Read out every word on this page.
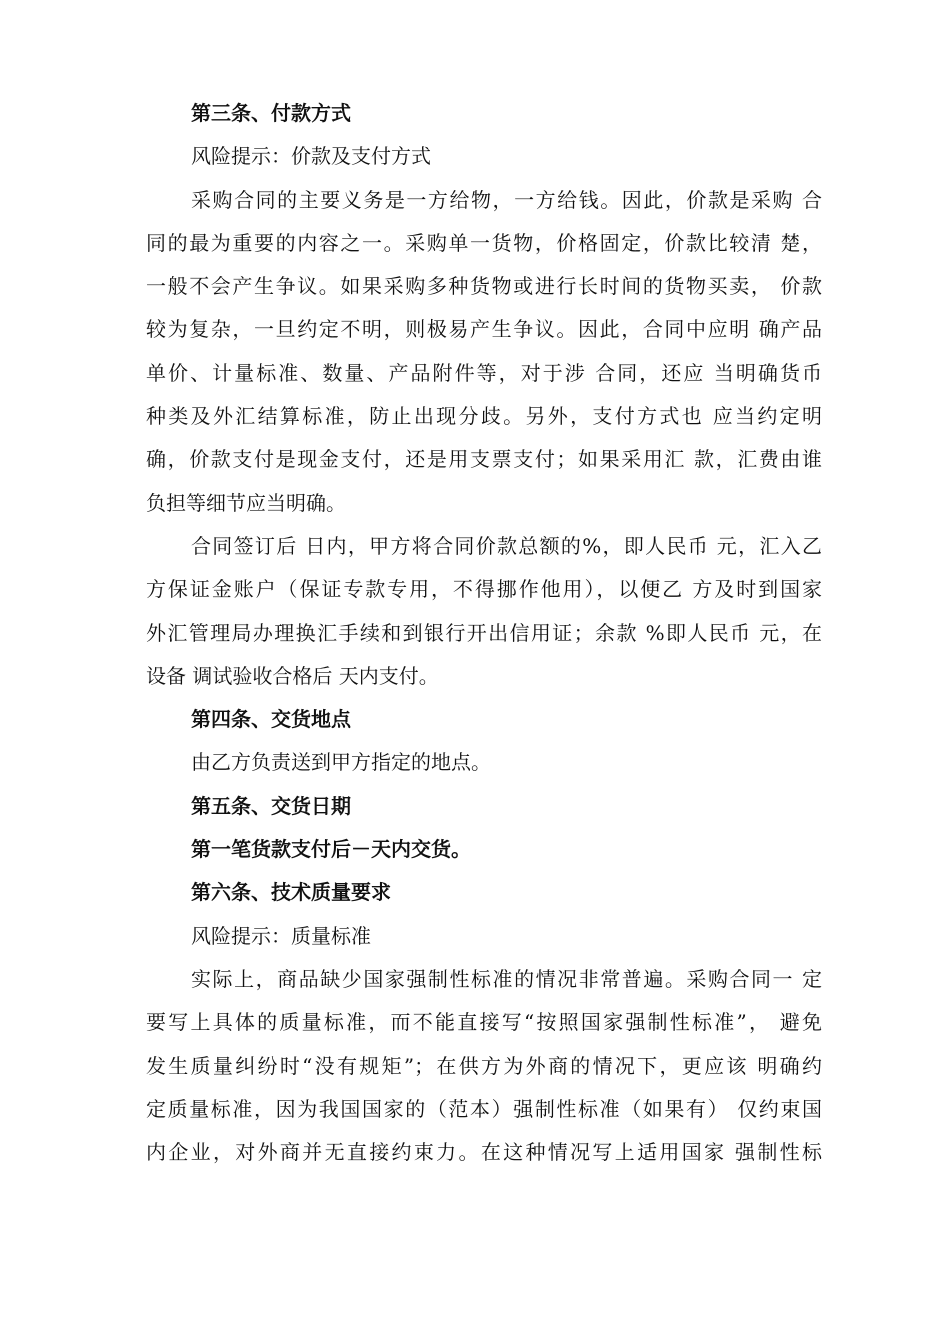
第三条、付款方式
风险提示：价款及支付方式
采购合同的主要义务是一方给物，一方给钱。因此，价款是采购 合
同的最为重要的内容之一。采购单一货物，价格固定，价款比较清 楚，
一般不会产生争议。如果采购多种货物或进行长时间的货物买卖， 价款
较为复杂，一旦约定不明，则极易产生争议。因此，合同中应明 确产品
单价、计量标准、数量、产品附件等，对于涉 合同，还应 当明确货币
种类及外汇结算标准，防止出现分歧。另外，支付方式也 应当约定明
确，价款支付是现金支付，还是用支票支付；如果采用汇 款，汇费由谁
负担等细节应当明确。
合同签订后 日内，甲方将合同价款总额的%，即人民币 元，汇入乙
方保证金账户（保证专款专用，不得挪作他用），以便乙 方及时到国家
外汇管理局办理换汇手续和到银行开出信用证；余款 %即人民币 元，在
设备 调试验收合格后 天内支付。
第四条、交货地点
由乙方负责送到甲方指定的地点。
第五条、交货日期
第一笔货款支付后－天内交货。
第六条、技术质量要求
风险提示：质量标准
实际上，商品缺少国家强制性标准的情况非常普遍。采购合同一 定
要写上具体的质量标准，而不能直接写“按照国家强制性标准”， 避免
发生质量纠纷时“没有规矩”；在供方为外商的情况下，更应该 明确约
定质量标准，因为我国国家的（范本）强制性标准（如果有） 仅约束国
内企业，对外商并无直接约束力。在这种情况写上适用国家 强制性标
